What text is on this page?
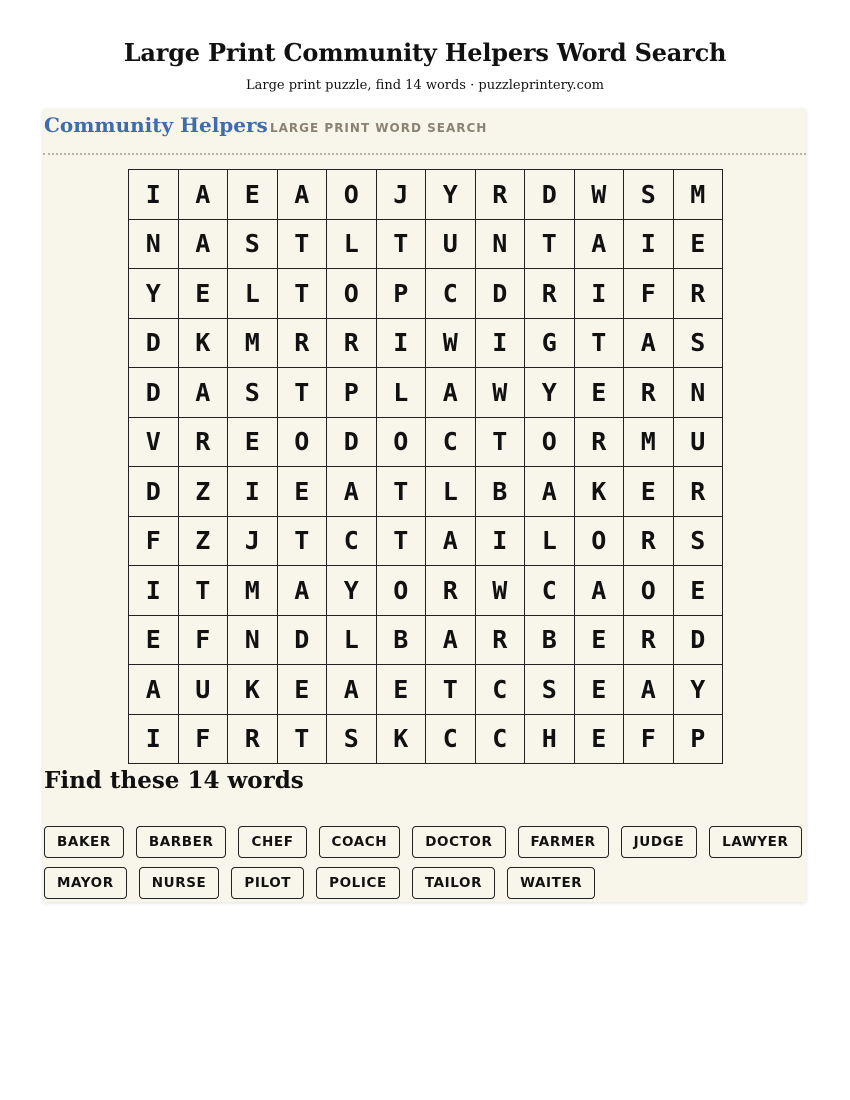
Large Print Community Helpers Word Search
Large print puzzle, find 14 words · puzzleprintery.com
Community Helpers LARGE PRINT WORD SEARCH
I	A	E	A	O	J	Y	R	D	W	S	M
N	A	S	T	L	T	U	N	T	A	I	E
Y	E	L	T	O	P	C	D	R	I	F	R
D	K	M	R	R	I	W	I	G	T	A	S
D	A	S	T	P	L	A	W	Y	E	R	N
V	R	E	O	D	O	C	T	O	R	M	U
D	Z	I	E	A	T	L	B	A	K	E	R
F	Z	J	T	C	T	A	I	L	O	R	S
I	T	M	A	Y	O	R	W	C	A	O	E
E	F	N	D	L	B	A	R	B	E	R	D
A	U	K	E	A	E	T	C	S	E	A	Y
I	F	R	T	S	K	C	C	H	E	F	P
Find these 14 words
BAKER	BARBER	CHEF	COACH	DOCTOR	FARMER	JUDGE	LAWYER
MAYOR	NURSE	PILOT	POLICE	TAILOR	WAITER
